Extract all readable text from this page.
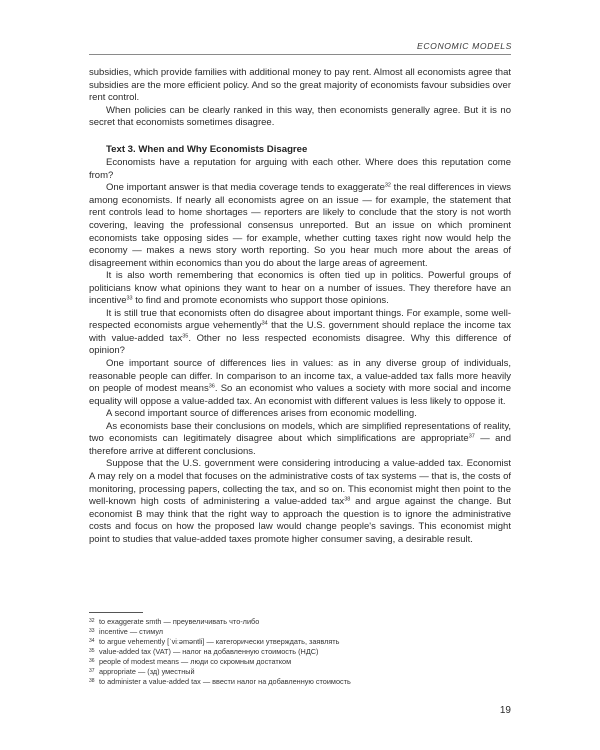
ECONOMIC MODELS

subsidies, which provide families with additional money to pay rent. Almost all economists agree that subsidies are the more efficient policy. And so the great majority of economists favour subsidies over rent control.

When policies can be clearly ranked in this way, then economists generally agree. But it is no secret that economists sometimes disagree.

Text 3. When and Why Economists Disagree

Economists have a reputation for arguing with each other. Where does this reputation come from?

One important answer is that media coverage tends to exaggerate$^{32}$ the real differences in views among economists. If nearly all economists agree on an issue — for example, the statement that rent controls lead to home shortages — reporters are likely to conclude that the story is not worth covering, leaving the professional consensus unreported. But an issue on which prominent economists take opposing sides — for example, whether cutting taxes right now would help the economy — makes a news story worth reporting. So you hear much more about the areas of disagreement within economics than you do about the large areas of agreement.

It is also worth remembering that economics is often tied up in politics. Powerful groups of politicians know what opinions they want to hear on a number of issues. They therefore have an incentive$^{33}$ to find and promote economists who support those opinions.

It is still true that economists often do disagree about important things. For example, some well-respected economists argue vehemently$^{34}$ that the U.S. government should replace the income tax with value-added tax$^{35}$. Other no less respected economists disagree. Why this difference of opinion?

One important source of differences lies in values: as in any diverse group of individuals, reasonable people can differ. In comparison to an income tax, a value-added tax falls more heavily on people of modest means$^{36}$. So an economist who values a society with more social and income equality will oppose a value-added tax. An economist with different values is less likely to oppose it.

A second important source of differences arises from economic modelling.

As economists base their conclusions on models, which are simplified representations of reality, two economists can legitimately disagree about which simplifications are appropriate$^{37}$ — and therefore arrive at different conclusions.

Suppose that the U.S. government were considering introducing a value-added tax. Economist A may rely on a model that focuses on the administrative costs of tax systems — that is, the costs of monitoring, processing papers, collecting the tax, and so on. This economist might then point to the well-known high costs of administering a value-added tax$^{38}$ and argue against the change. But economist B may think that the right way to approach the question is to ignore the administrative costs and focus on how the proposed law would change people's savings. This economist might point to studies that value-added taxes promote higher consumer saving, a desirable result.

32 to exaggerate smth — преувеличивать что-либо
33 incentive — стимул
34 to argue vehemently [ˈviːəməntli] — категорически утверждать, заявлять
35 value-added tax (VAT) — налог на добавленную стоимость (НДС)
36 people of modest means — люди со скромным достатком
37 appropriate — (зд) уместный
38 to administer a value-added tax — ввести налог на добавленную стоимость
19
